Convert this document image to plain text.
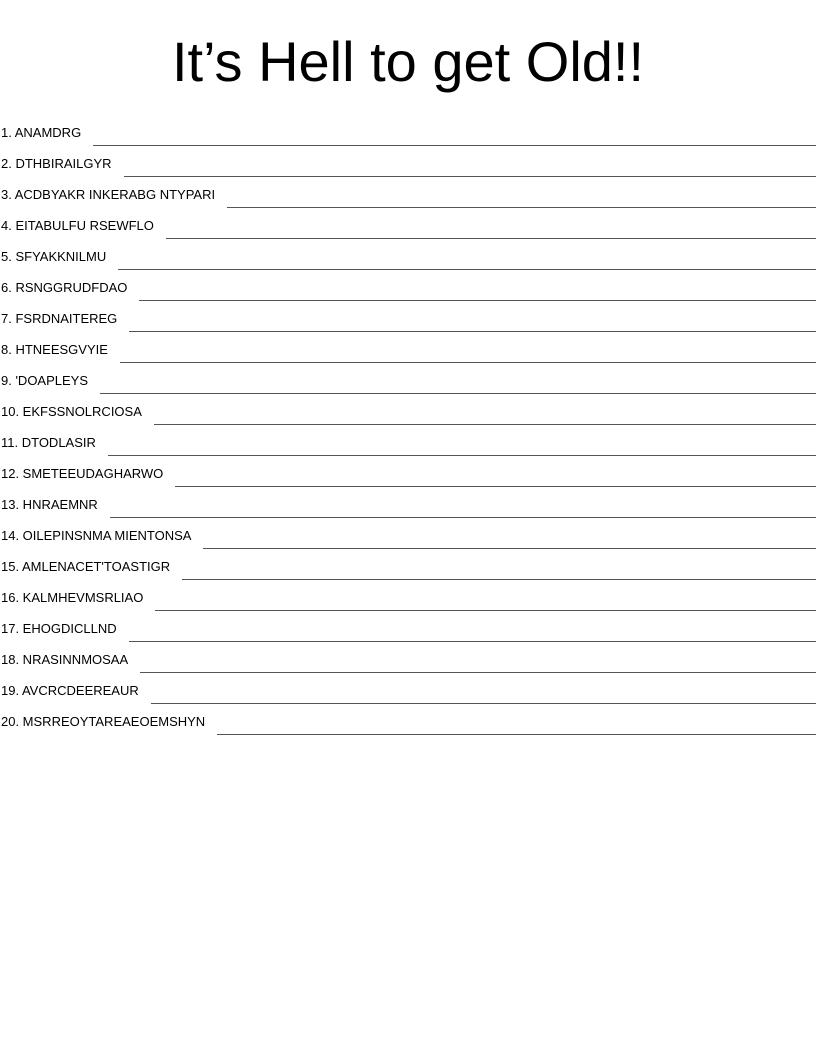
It’s Hell to get Old!!
1. ANAMDRG
2. DTHBIRAILGYR
3. ACDBYAKR INKERABG NTYPARI
4. EITABULFU RSEWFLO
5. SFYAKKNILMU
6. RSNGGRUDFDAO
7. FSRDNAITEREG
8. HTNEESGVYIE
9. 'DOAPLEYS
10. EKFSSNOLRCIOSA
11. DTODLASIR
12. SMETEEUDAGHARWO
13. HNRAEMNR
14. OILEPINSNMA MIENTONSA
15. AMLENACET'TOASTIGR
16. KALMHEVMSRLIAO
17. EHOGDICLLND
18. NRASINNMOSAA
19. AVCRCDEEREAUR
20. MSRREOYTAREAEOEMSHYN
